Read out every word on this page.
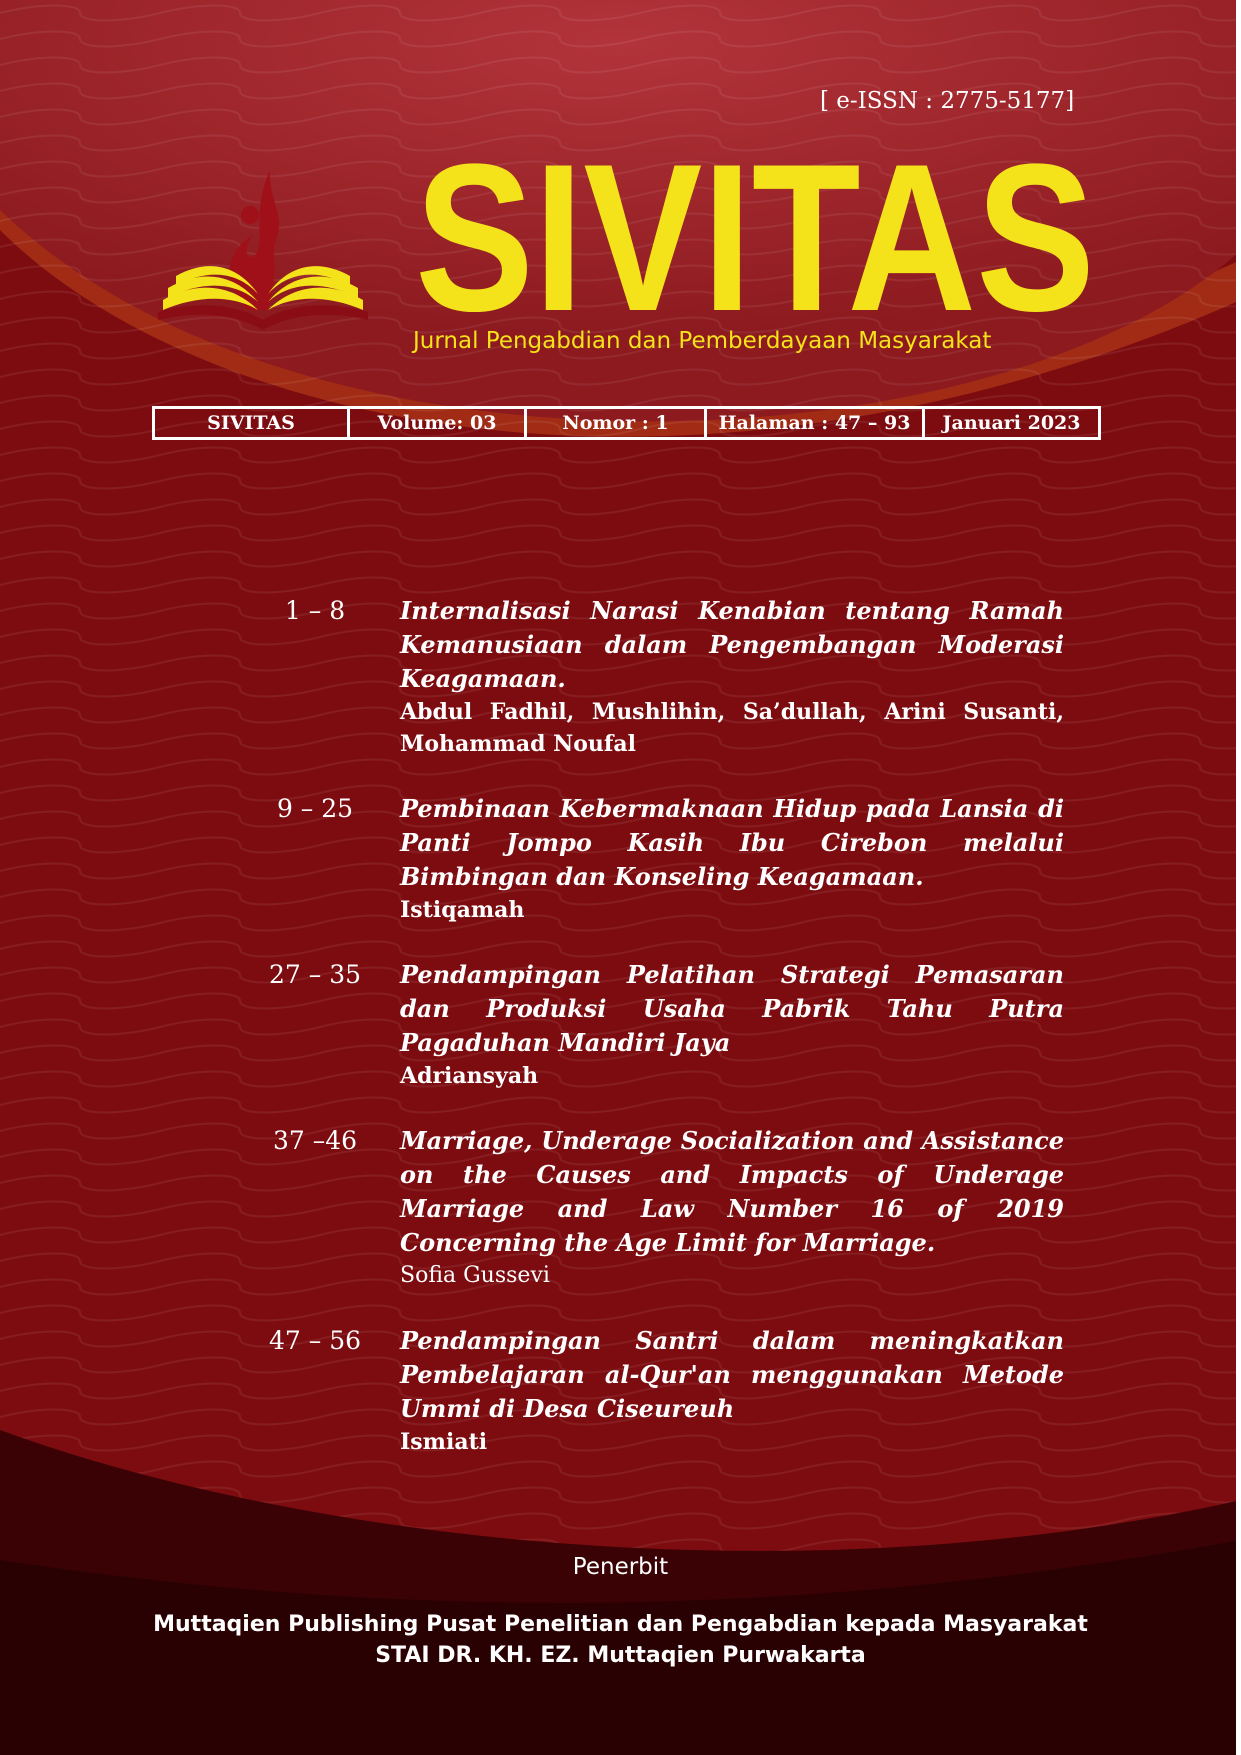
[ e-ISSN : 2775-5177]
SIVITAS
Jurnal Pengabdian dan Pemberdayaan Masyarakat
SIVITAS	Volume: 03	Nomor : 1	Halaman : 47 – 93	Januari 2023
1 – 8	Internalisasi Narasi Kenabian tentang Ramah Kemanusiaan dalam Pengembangan Moderasi Keagamaan.
Abdul Fadhil, Mushlihin, Sa’dullah, Arini Susanti, Mohammad Noufal
9 – 25	Pembinaan Kebermaknaan Hidup pada Lansia di Panti Jompo Kasih Ibu Cirebon melalui Bimbingan dan Konseling Keagamaan.
Istiqamah
27 – 35	Pendampingan Pelatihan Strategi Pemasaran dan Produksi Usaha Pabrik Tahu Putra Pagaduhan Mandiri Jaya
Adriansyah
37 –46	Marriage, Underage Socialization and Assistance on the Causes and Impacts of Underage Marriage and Law Number 16 of 2019 Concerning the Age Limit for Marriage.
Sofia Gussevi
47 – 56	Pendampingan Santri dalam meningkatkan Pembelajaran al-Qur'an menggunakan Metode Ummi di Desa Ciseureuh
Ismiati
Penerbit
Muttaqien Publishing Pusat Penelitian dan Pengabdian kepada Masyarakat
STAI DR. KH. EZ. Muttaqien Purwakarta
